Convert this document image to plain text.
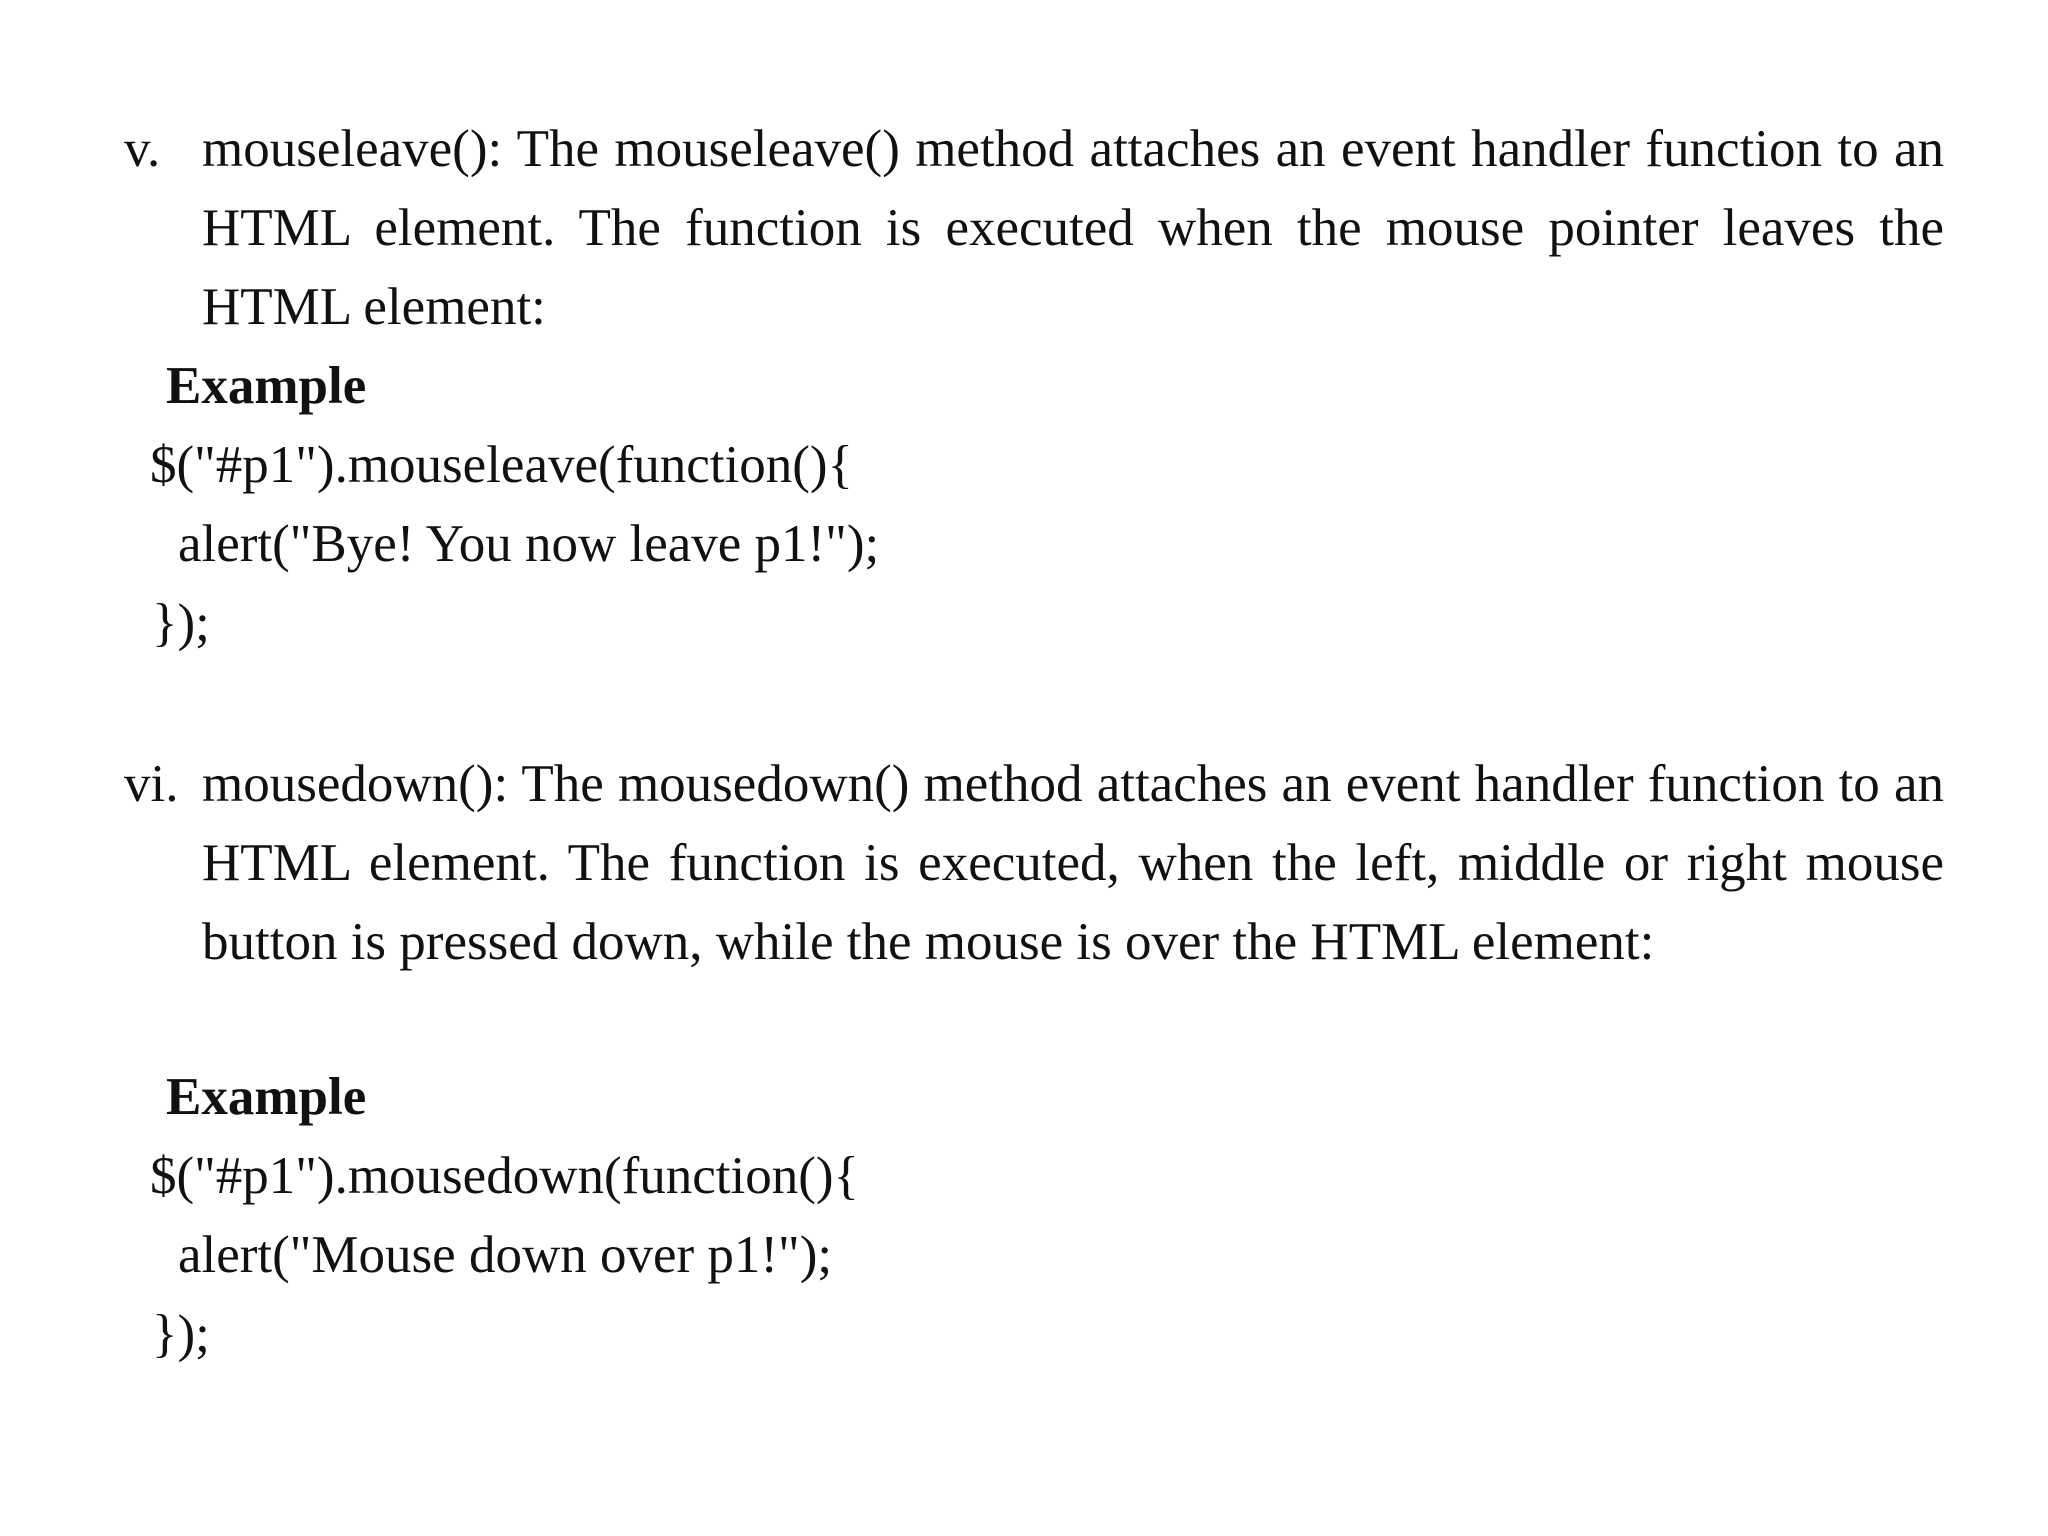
v. mouseleave(): The mouseleave() method attaches an event handler function to an HTML element. The function is executed when the mouse pointer leaves the HTML element:

Example
$("#p1").mouseleave(function(){
alert("Bye! You now leave p1!");
});
vi. mousedown(): The mousedown() method attaches an event handler function to an HTML element. The function is executed, when the left, middle or right mouse button is pressed down, while the mouse is over the HTML element:

Example
$("#p1").mousedown(function(){
alert("Mouse down over p1!");
});
